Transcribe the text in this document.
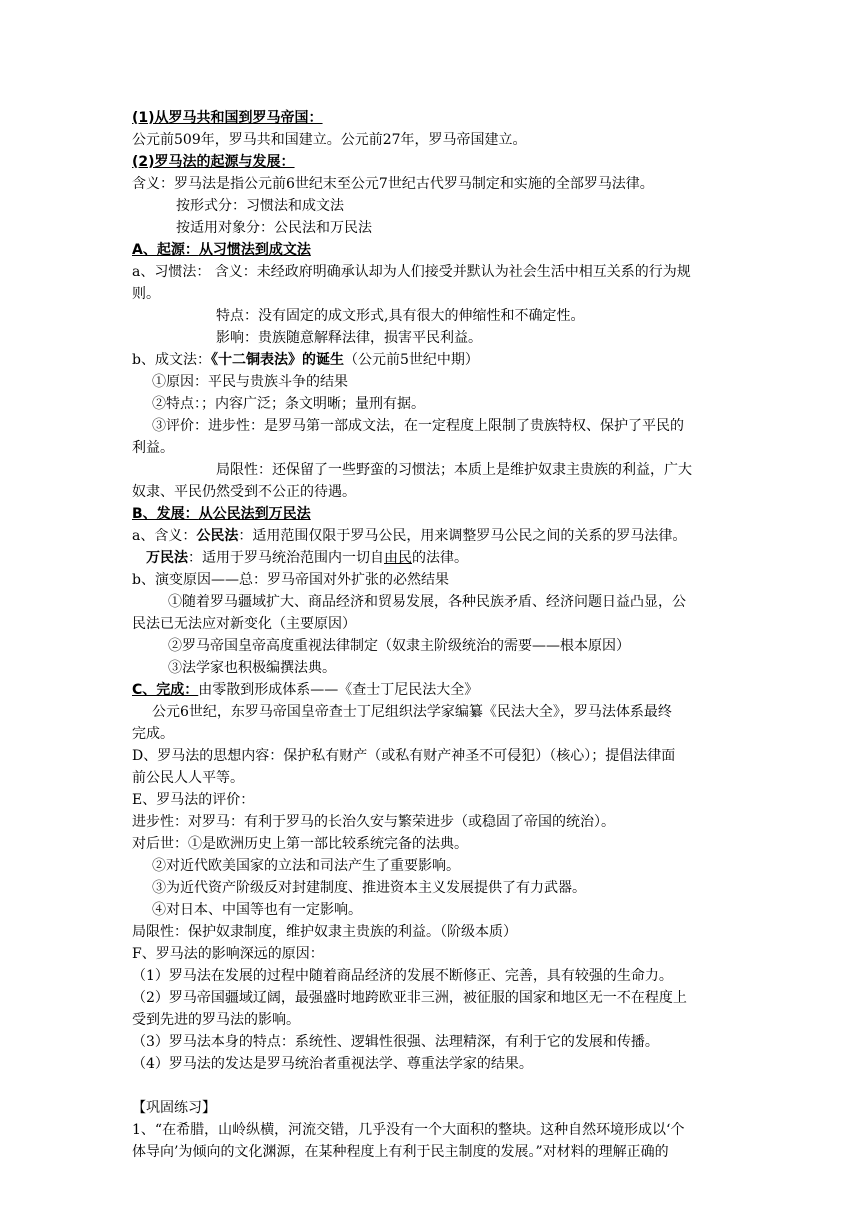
(1)从罗马共和国到罗马帝国：
公元前509年，罗马共和国建立。公元前27年，罗马帝国建立。
(2)罗马法的起源与发展：
含义：罗马法是指公元前6世纪末至公元7世纪古代罗马制定和实施的全部罗马法律。
按形式分：习惯法和成文法
按适用对象分：公民法和万民法
A、起源：从习惯法到成文法
a、习惯法： 含义：未经政府明确承认却为人们接受并默认为社会生活中相互关系的行为规
则。
特点：没有固定的成文形式,具有很大的伸缩性和不确定性。
影响：贵族随意解释法律，损害平民利益。
b、成文法：《十二铜表法》的诞生（公元前5世纪中期）
①原因：平民与贵族斗争的结果
②特点：；内容广泛；条文明晰；量刑有据。
③评价：进步性：是罗马第一部成文法，在一定程度上限制了贵族特权、保护了平民的
利益。
局限性：还保留了一些野蛮的习惯法；本质上是维护奴隶主贵族的利益，广大
奴隶、平民仍然受到不公正的待遇。
B、发展：从公民法到万民法
a、含义：公民法：适用范围仅限于罗马公民，用来调整罗马公民之间的关系的罗马法律。
万民法：适用于罗马统治范围内一切自由民的法律。
b、演变原因——总：罗马帝国对外扩张的必然结果
①随着罗马疆域扩大、商品经济和贸易发展，各种民族矛盾、经济问题日益凸显，公
民法已无法应对新变化（主要原因）
②罗马帝国皇帝高度重视法律制定（奴隶主阶级统治的需要——根本原因）
③法学家也积极编撰法典。
C、完成：由零散到形成体系——《查士丁尼民法大全》
公元6世纪，东罗马帝国皇帝查士丁尼组织法学家编纂《民法大全》，罗马法体系最终
完成。
D、罗马法的思想内容：保护私有财产（或私有财产神圣不可侵犯）（核心）；提倡法律面
前公民人人平等。
E、罗马法的评价：
进步性：对罗马：有利于罗马的长治久安与繁荣进步（或稳固了帝国的统治）。
对后世：①是欧洲历史上第一部比较系统完备的法典。
②对近代欧美国家的立法和司法产生了重要影响。
③为近代资产阶级反对封建制度、推进资本主义发展提供了有力武器。
④对日本、中国等也有一定影响。
局限性：保护奴隶制度，维护奴隶主贵族的利益。（阶级本质）
F、罗马法的影响深远的原因：
（1）罗马法在发展的过程中随着商品经济的发展不断修正、完善，具有较强的生命力。
（2）罗马帝国疆域辽阔，最强盛时地跨欧亚非三洲，被征服的国家和地区无一不在程度上
受到先进的罗马法的影响。
（3）罗马法本身的特点：系统性、逻辑性很强、法理精深，有利于它的发展和传播。
（4）罗马法的发达是罗马统治者重视法学、尊重法学家的结果。
【巩固练习】
1、“在希腊，山岭纵横，河流交错，几乎没有一个大面积的整块。这种自然环境形成以‘个
体导向’为倾向的文化渊源，在某种程度上有利于民主制度的发展。”对材料的理解正确的
